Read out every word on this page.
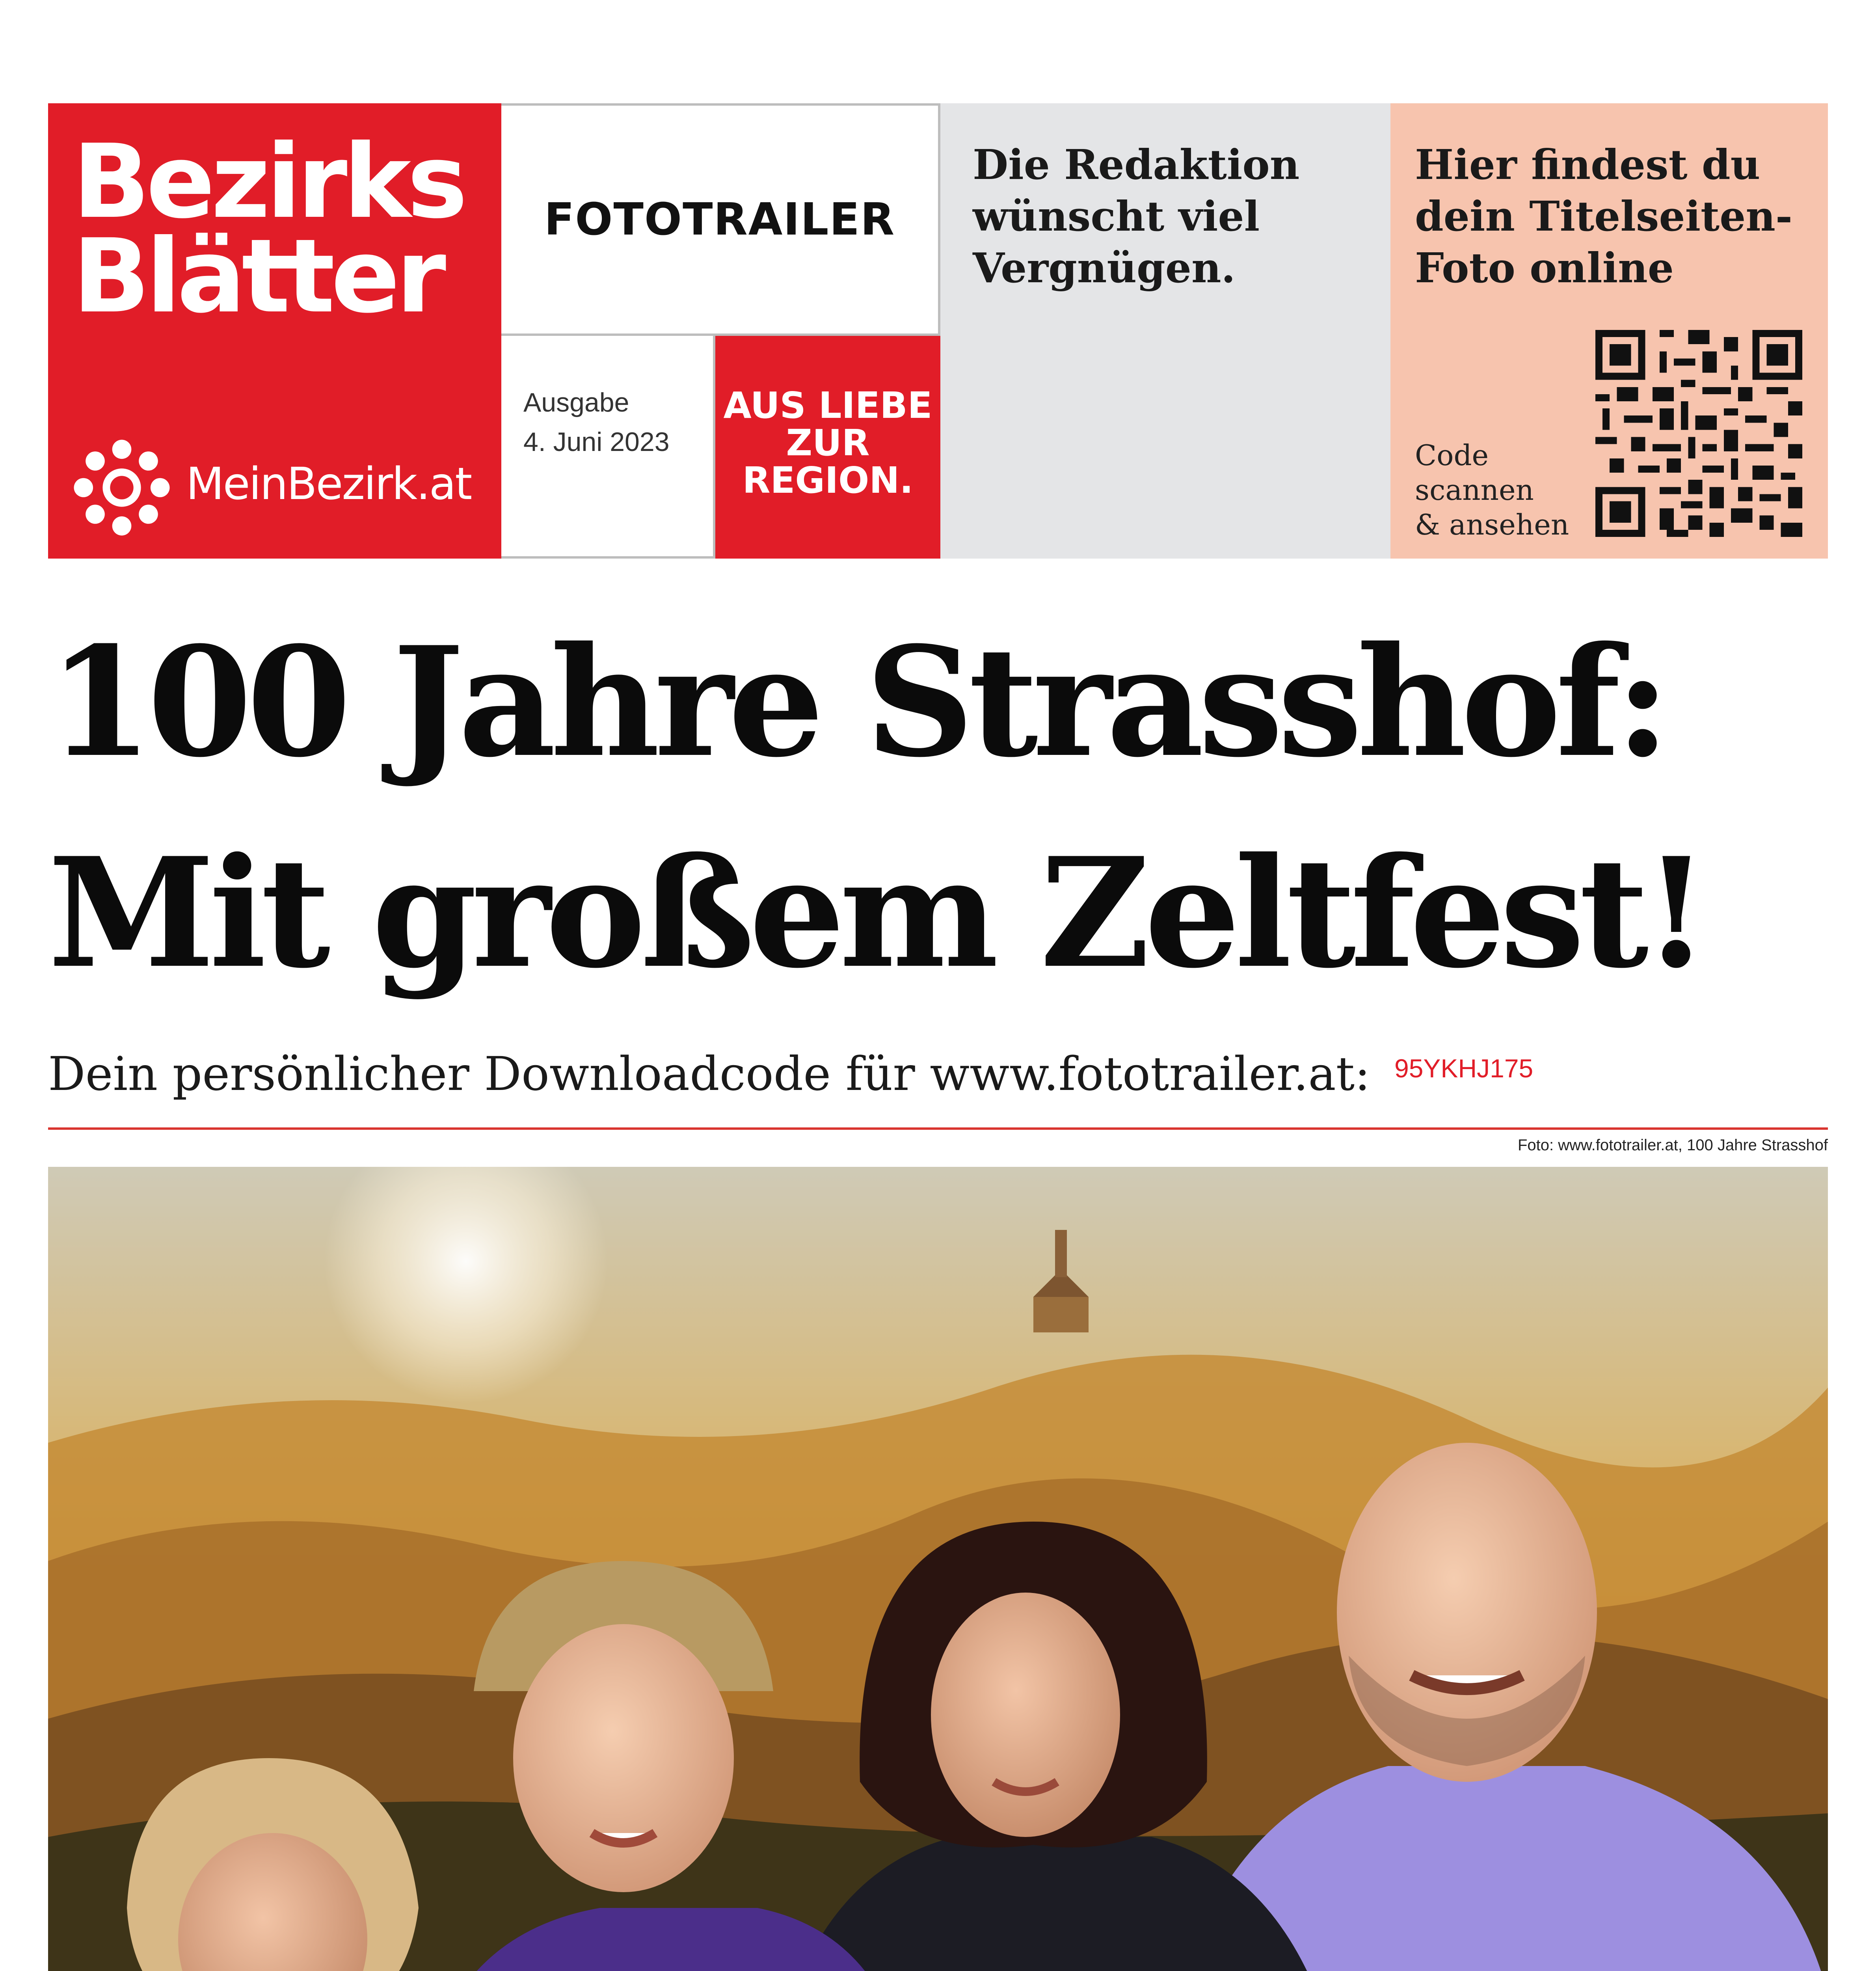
Bezirks
Blätter
MeinBezirk.at
FOTOTRAILER
Ausgabe
4. Juni 2023
AUS LIEBE
ZUR
REGION.
Die Redaktion
wünscht viel
Vergnügen.
Hier findest du
dein Titelseiten-
Foto online
Code
scannen
& ansehen
100 Jahre Strasshof:
Mit großem Zeltfest!
Dein persönlicher Downloadcode für www.fototrailer.at: 95YKHJ175
Foto: www.fototrailer.at, 100 Jahre Strasshof
